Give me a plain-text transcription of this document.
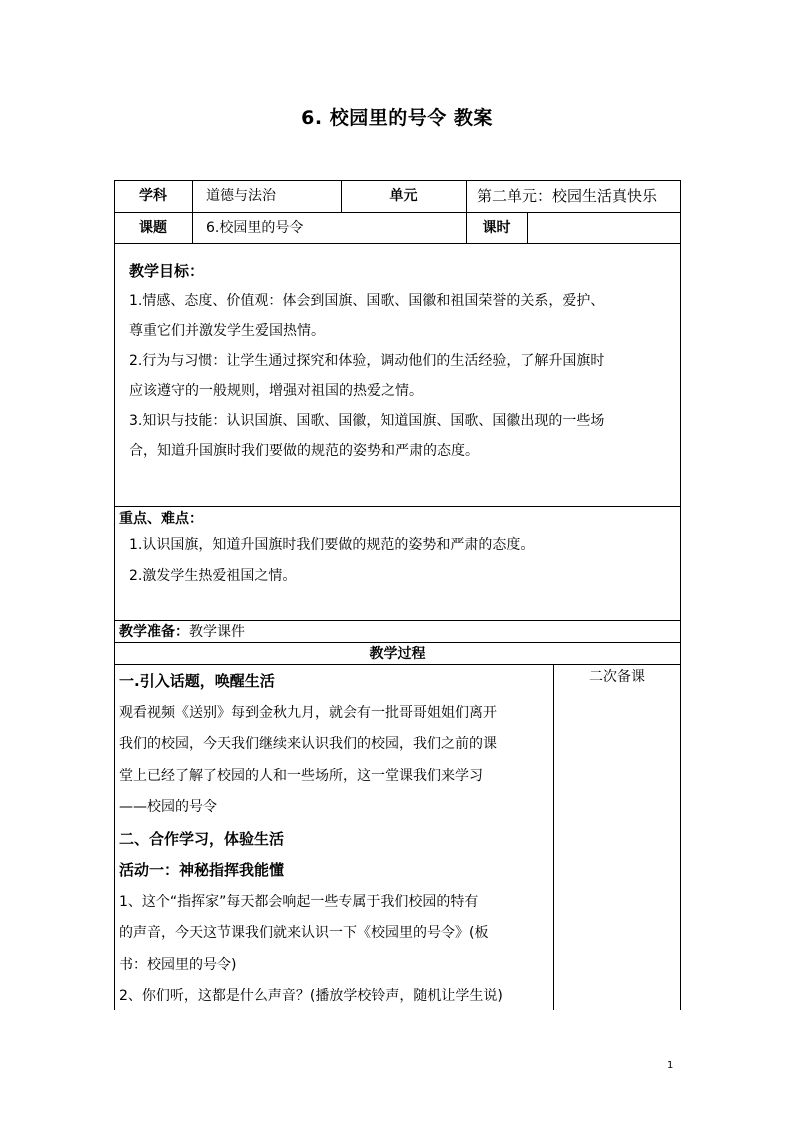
6. 校园里的号令 教案
学科	道德与法治	单元	第二单元：校园生活真快乐
课题	6.校园里的号令	课时
教学目标：

1.情感、态度、价值观：体会到国旗、国歌、国徽和祖国荣誉的关系，爱护、

尊重它们并激发学生爱国热情。

2.行为与习惯：让学生通过探究和体验，调动他们的生活经验，了解升国旗时

应该遵守的一般规则，增强对祖国的热爱之情。

3.知识与技能：认识国旗、国歌、国徽，知道国旗、国歌、国徽出现的一些场

合，知道升国旗时我们要做的规范的姿势和严肃的态度。

重点、难点：
1.认识国旗，知道升国旗时我们要做的规范的姿势和严肃的态度。
2.激发学生热爱祖国之情。
教学准备：教学课件
教学过程
二次备课

一.引入话题，唤醒生活

观看视频《送别》每到金秋九月，就会有一批哥哥姐姐们离开

我们的校园，今天我们继续来认识我们的校园，我们之前的课

堂上已经了解了校园的人和一些场所，这一堂课我们来学习

——校园的号令

二、合作学习，体验生活

活动一：神秘指挥我能懂

1、这个“指挥家”每天都会响起一些专属于我们校园的特有

的声音，今天这节课我们就来认识一下《校园里的号令》(板

书：校园里的号令)

2、你们听，这都是什么声音？(播放学校铃声，随机让学生说)

1
